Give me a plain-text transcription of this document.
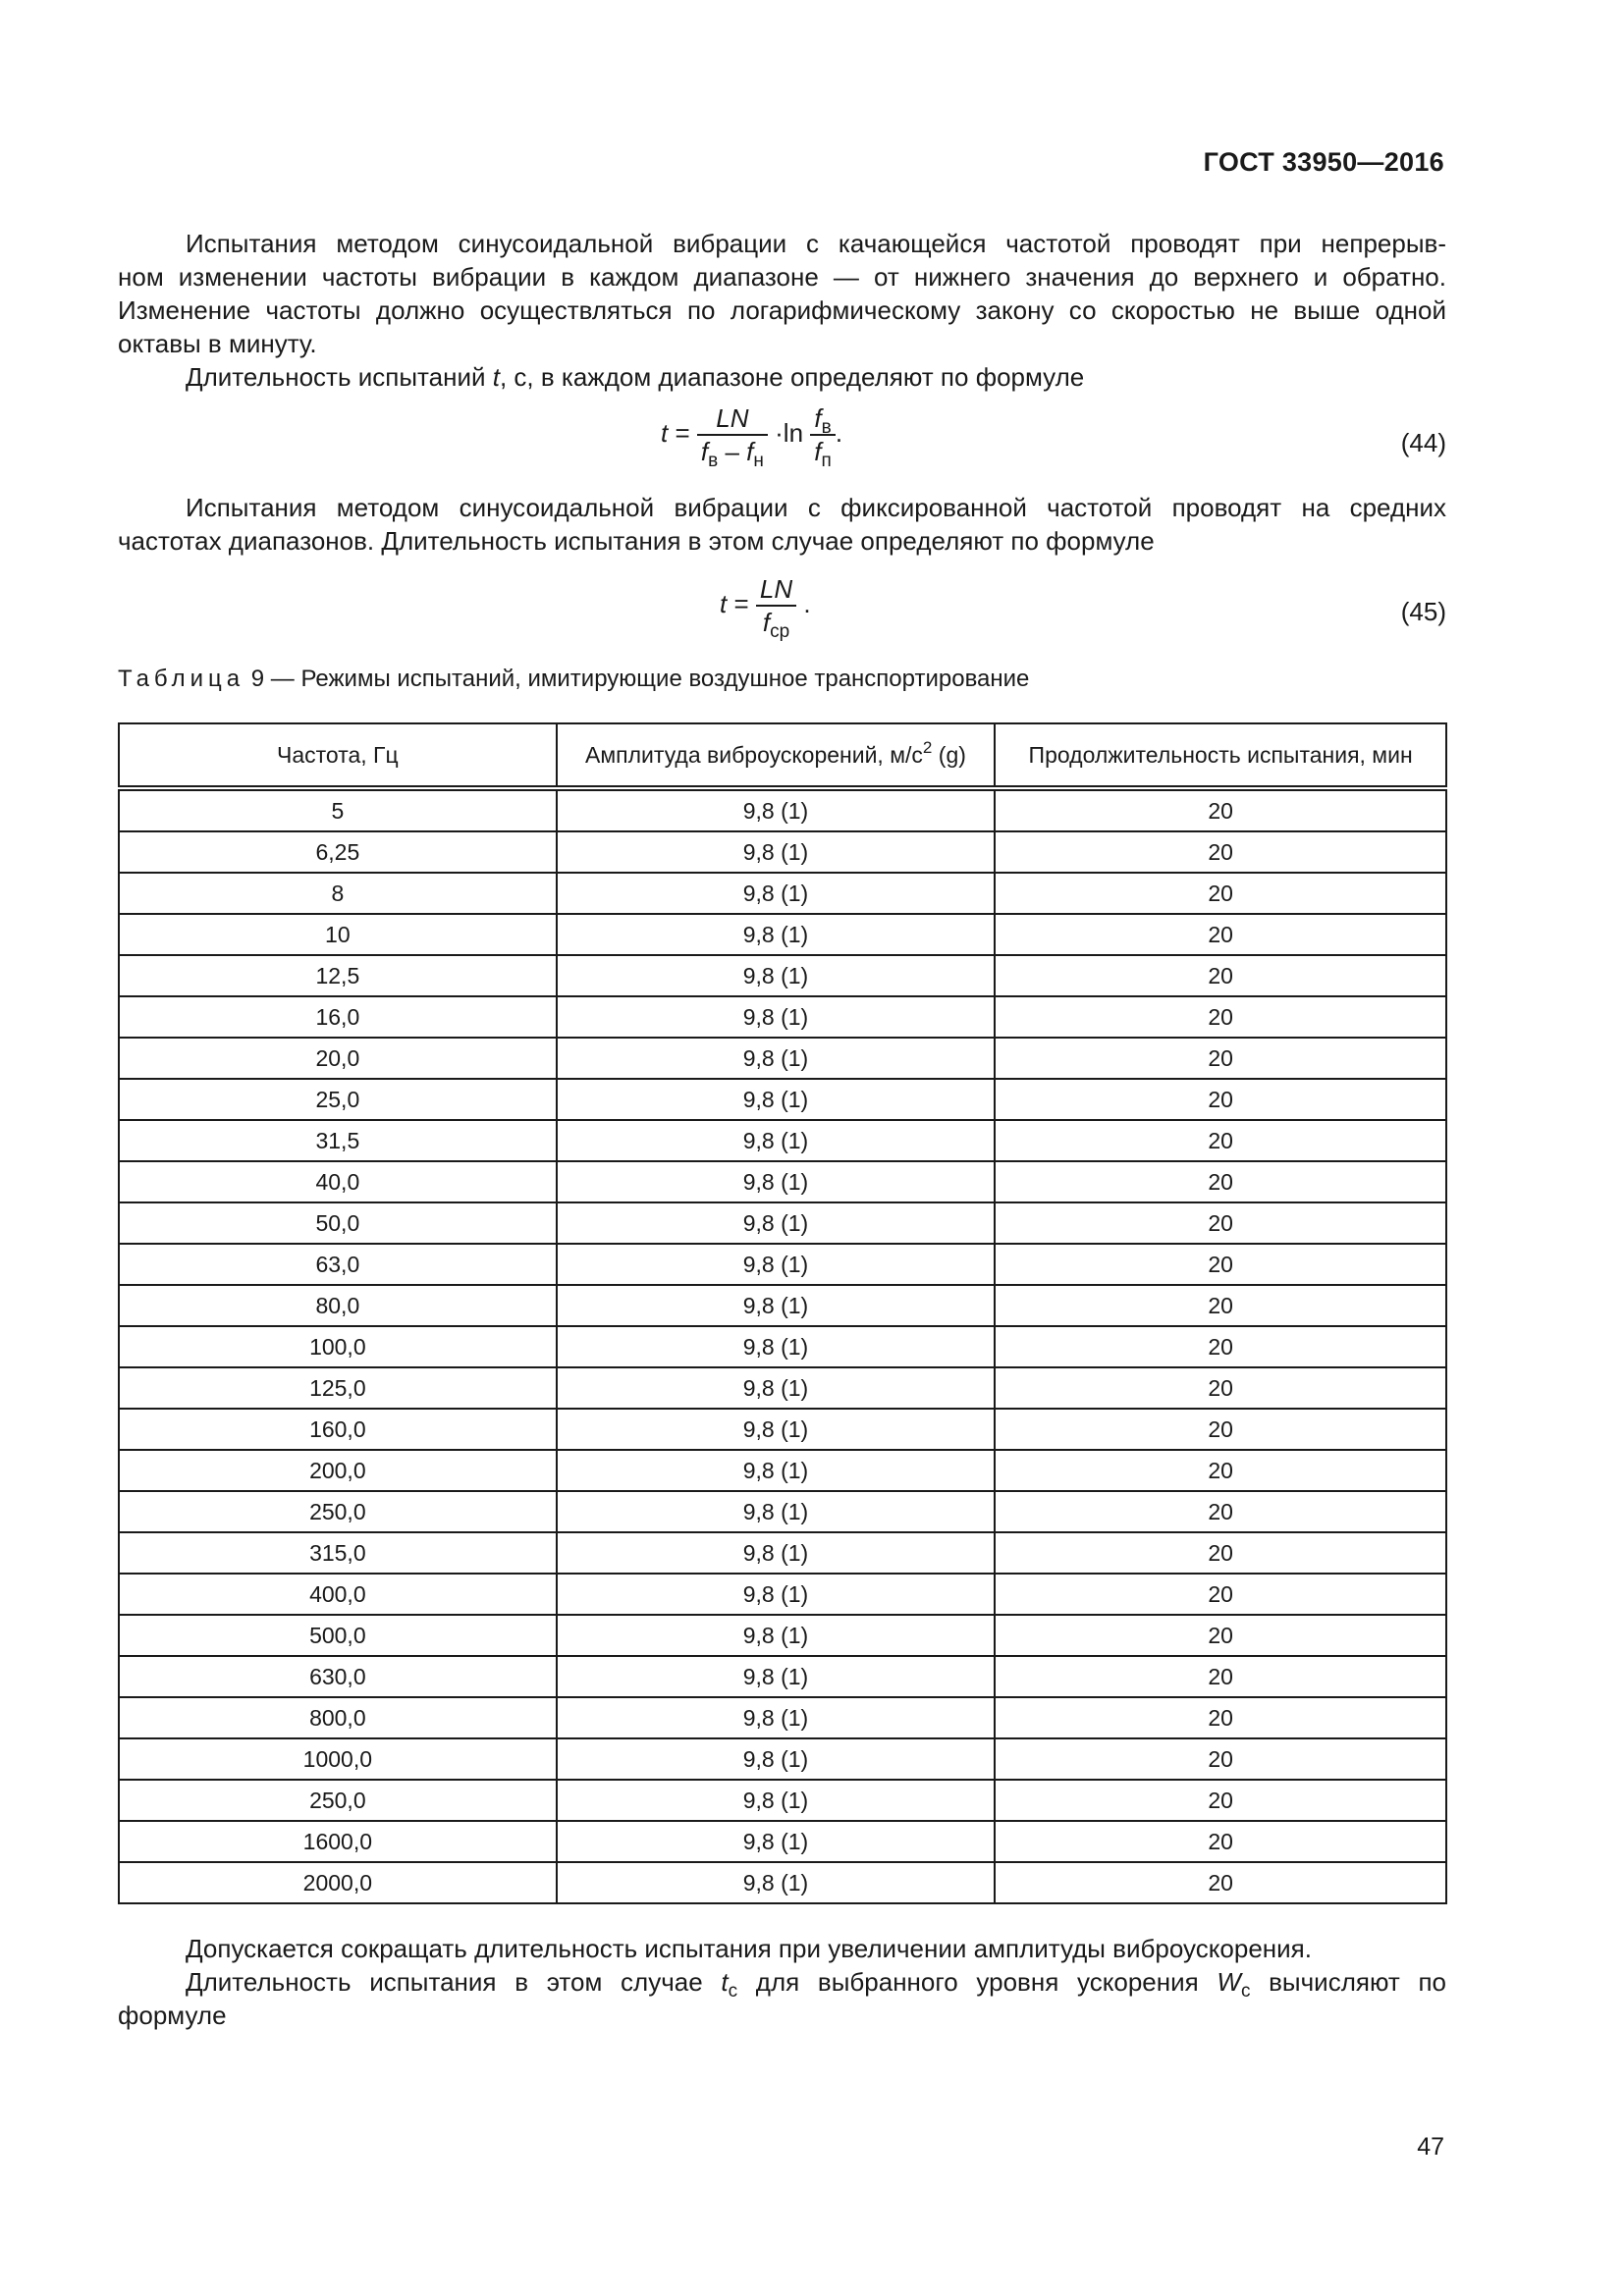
ГОСТ 33950—2016
Испытания методом синусоидальной вибрации с качающейся частотой проводят при непрерыв-
ном изменении частоты вибрации в каждом диапазоне — от нижнего значения до верхнего и обратно.
Изменение частоты должно осуществляться по логарифмическому закону со скоростью не выше одной
октавы в минуту.
Длительность испытаний t, с, в каждом диапазоне определяют по формуле
$t = \frac{LN}{f_в - f_н} \cdot\ln \frac{f_в}{f_п}$ .	(44)
Испытания методом синусоидальной вибрации с фиксированной частотой проводят на средних
частотах диапазонов. Длительность испытания в этом случае определяют по формуле
$t = \frac{LN}{f_{ср}}$ .	(45)
Таблица 9 — Режимы испытаний, имитирующие воздушное транспортирование
Частота, Гц	Амплитуда виброускорений, $м/с^2$ (g)	Продолжительность испытания, мин
5	9,8 (1)	20
6,25	9,8 (1)	20
8	9,8 (1)	20
10	9,8 (1)	20
12,5	9,8 (1)	20
16,0	9,8 (1)	20
20,0	9,8 (1)	20
25,0	9,8 (1)	20
31,5	9,8 (1)	20
40,0	9,8 (1)	20
50,0	9,8 (1)	20
63,0	9,8 (1)	20
80,0	9,8 (1)	20
100,0	9,8 (1)	20
125,0	9,8 (1)	20
160,0	9,8 (1)	20
200,0	9,8 (1)	20
250,0	9,8 (1)	20
315,0	9,8 (1)	20
400,0	9,8 (1)	20
500,0	9,8 (1)	20
630,0	9,8 (1)	20
800,0	9,8 (1)	20
1000,0	9,8 (1)	20
250,0	9,8 (1)	20
1600,0	9,8 (1)	20
2000,0	9,8 (1)	20
Допускается сокращать длительность испытания при увеличении амплитуды виброускорения.
Длительность испытания в этом случае $t_с$ для выбранного уровня ускорения $W_с$ вычисляют по
формуле
47
